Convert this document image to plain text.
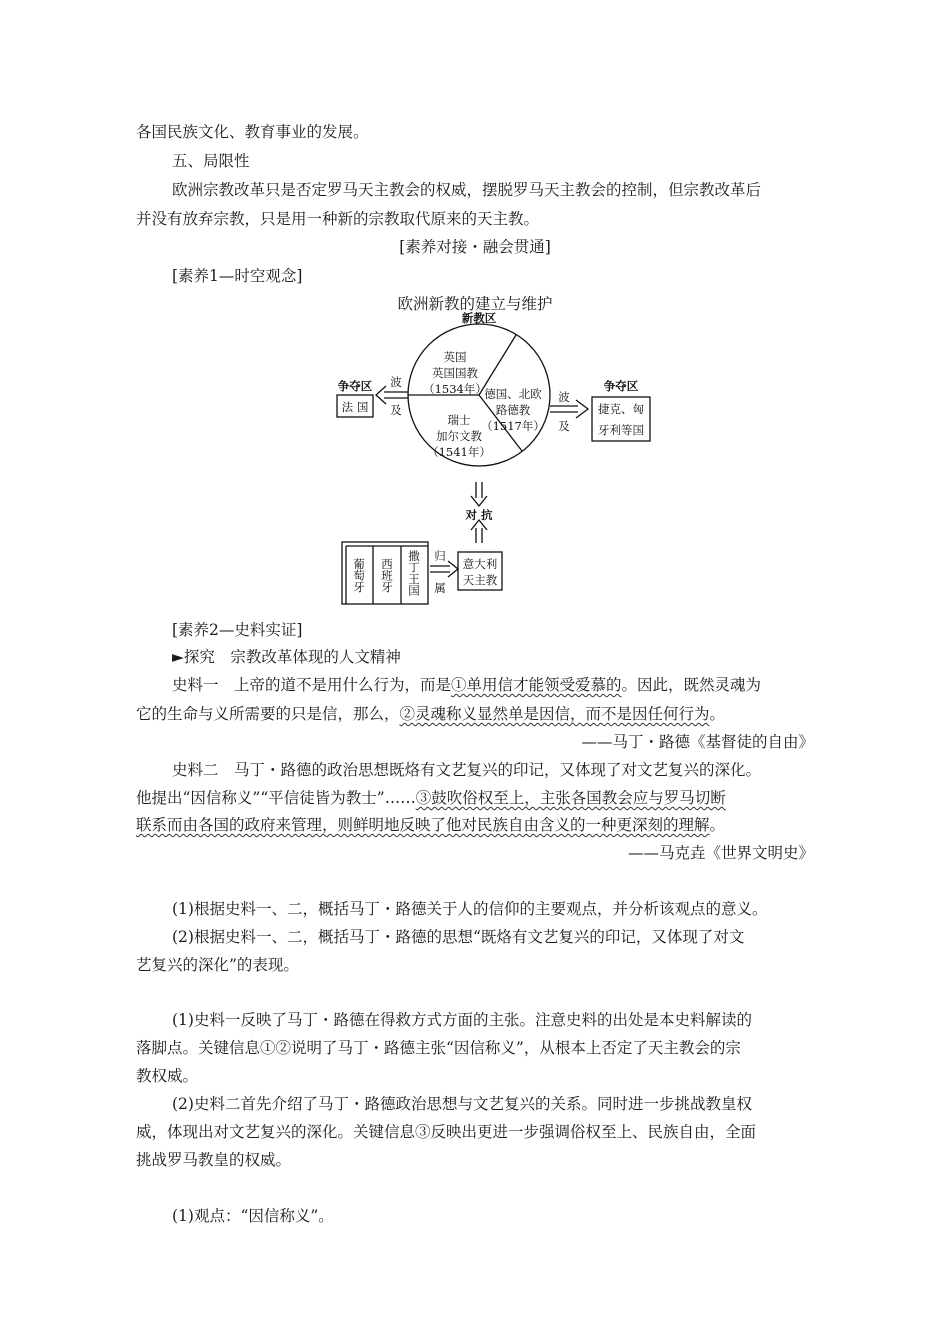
各国民族文化、教育事业的发展。
五、局限性
欧洲宗教改革只是否定罗马天主教会的权威，摆脱罗马天主教会的控制，但宗教改革后
并没有放弃宗教，只是用一种新的宗教取代原来的天主教。
[素养对接・融会贯通]
[素养1—时空观念]
欧洲新教的建立与维护
新教区
英国
英国国教
（1534年）
德国、北欧
路德教
（1517年）
瑞士
加尔文教
（1541年）
争夺区
法 国
波
及
争夺区
捷克、匈
牙利等国
波
及
对 抗
葡萄牙 西班牙 撒丁王国 归
属
意大利
天主教
[素养2—史料实证]
►探究　宗教改革体现的人文精神
史料一　上帝的道不是用什么行为，而是①单用信才能领受爱慕的。因此，既然灵魂为
它的生命与义所需要的只是信，那么，②灵魂称义显然单是因信，而不是因任何行为。
——马丁・路德《基督徒的自由》
史料二　马丁・路德的政治思想既烙有文艺复兴的印记，又体现了对文艺复兴的深化。
他提出“因信称义”“平信徒皆为教士”……③鼓吹俗权至上，主张各国教会应与罗马切断
联系而由各国的政府来管理，则鲜明地反映了他对民族自由含义的一种更深刻的理解。
——马克垚《世界文明史》
(1)根据史料一、二，概括马丁・路德关于人的信仰的主要观点，并分析该观点的意义。
(2)根据史料一、二，概括马丁・路德的思想“既烙有文艺复兴的印记，又体现了对文
艺复兴的深化”的表现。
(1)史料一反映了马丁・路德在得救方式方面的主张。注意史料的出处是本史料解读的
落脚点。关键信息①②说明了马丁・路德主张“因信称义”，从根本上否定了天主教会的宗
教权威。
(2)史料二首先介绍了马丁・路德政治思想与文艺复兴的关系。同时进一步挑战教皇权
威，体现出对文艺复兴的深化。关键信息③反映出更进一步强调俗权至上、民族自由，全面
挑战罗马教皇的权威。
(1)观点：“因信称义”。
